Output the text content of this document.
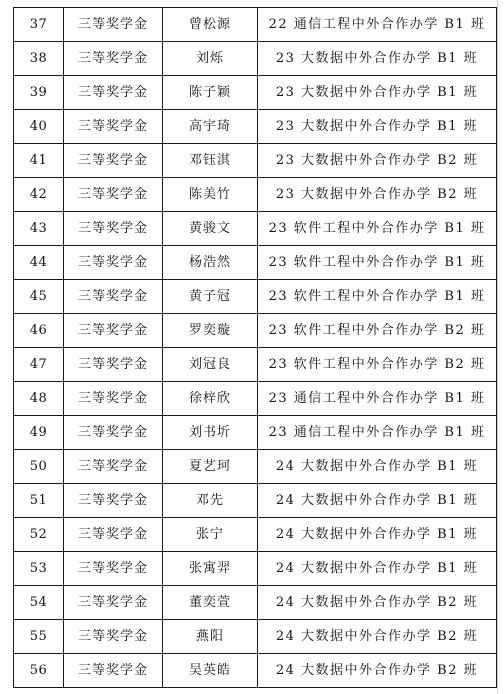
37	三等奖学金	曾松源	22 通信工程中外合作办学 B1 班
38	三等奖学金	刘烁	23 大数据中外合作办学 B1 班
39	三等奖学金	陈子颖	23 大数据中外合作办学 B1 班
40	三等奖学金	高宇琦	23 大数据中外合作办学 B1 班
41	三等奖学金	邓钰淇	23 大数据中外合作办学 B2 班
42	三等奖学金	陈美竹	23 大数据中外合作办学 B2 班
43	三等奖学金	黄骏文	23 软件工程中外合作办学 B1 班
44	三等奖学金	杨浩然	23 软件工程中外合作办学 B1 班
45	三等奖学金	黄子冠	23 软件工程中外合作办学 B1 班
46	三等奖学金	罗奕璇	23 软件工程中外合作办学 B2 班
47	三等奖学金	刘冠良	23 软件工程中外合作办学 B2 班
48	三等奖学金	徐梓欣	23 通信工程中外合作办学 B1 班
49	三等奖学金	刘书圻	23 通信工程中外合作办学 B1 班
50	三等奖学金	夏艺珂	24 大数据中外合作办学 B1 班
51	三等奖学金	邓先	24 大数据中外合作办学 B1 班
52	三等奖学金	张宁	24 大数据中外合作办学 B1 班
53	三等奖学金	张寓羿	24 大数据中外合作办学 B1 班
54	三等奖学金	董奕萱	24 大数据中外合作办学 B2 班
55	三等奖学金	燕阳	24 大数据中外合作办学 B2 班
56	三等奖学金	吴英皓	24 大数据中外合作办学 B2 班
